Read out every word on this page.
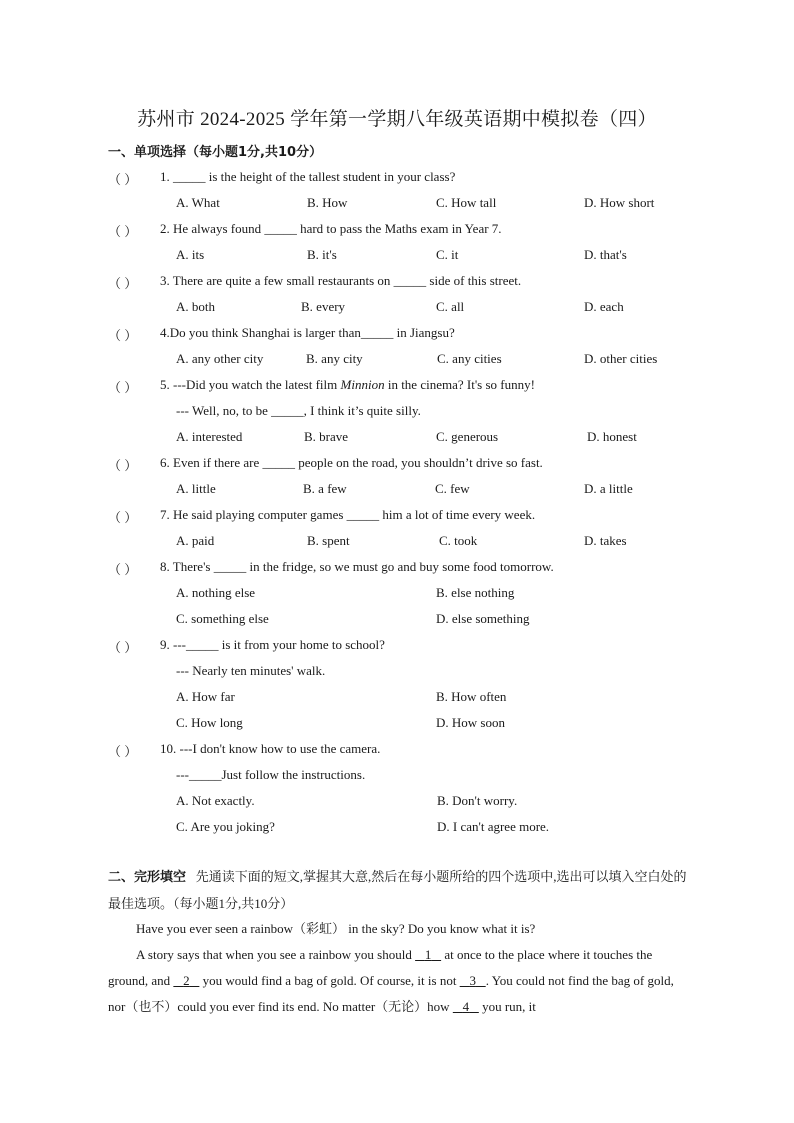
苏州市 2024-2025 学年第一学期八年级英语期中模拟卷（四）
一、单项选择（每小题1分,共10分）
（ ） 1. _____ is the height of the tallest student in your class?
A. What	B. How	C. How tall	D. How short
（ ） 2. He always found _____ hard to pass the Maths exam in Year 7.
A. its	B. it's	C. it	D. that's
（ ） 3. There are quite a few small restaurants on _____ side of this street.
A. both	B. every	C. all	D. each
（ ） 4.Do you think Shanghai is larger than_____ in Jiangsu?
A. any other city	B. any city	C. any cities	D. other cities
（ ） 5. ---Did you watch the latest film Minnion in the cinema? It's so funny!
--- Well, no, to be _____, I think it’s quite silly.
A. interested	B. brave	C. generous	D. honest
（ ） 6. Even if there are _____ people on the road, you shouldn’t drive so fast.
A. little	B. a few	C. few	D. a little
（ ） 7. He said playing computer games _____ him a lot of time every week.
A. paid	B. spent	C. took	D. takes
（ ） 8. There's _____ in the fridge, so we must go and buy some food tomorrow.
A. nothing else	B. else nothing
C. something else	D. else something
（ ） 9. ---_____ is it from your home to school?
--- Nearly ten minutes' walk.
A. How far	B. How often
C. How long	D. How soon
（ ） 10. ---I don't know how to use the camera.
---_____Just follow the instructions.
A. Not exactly.	B. Don't worry.
C. Are you joking?	D. I can't agree more.
二、完形填空 先通读下面的短文,掌握其大意,然后在每小题所给的四个选项中,选出可以填入空白处的最佳选项。（每小题1分,共10分）
Have you ever seen a rainbow（彩虹） in the sky? Do you know what it is?
A story says that when you see a rainbow you should    1    at once to the place where it touches the ground, and    2    you would find a bag of gold. Of course, it is not    3 . You could not find the bag of gold, nor（也不）could you ever find its end. No matter（无论）how    4    you run, it
